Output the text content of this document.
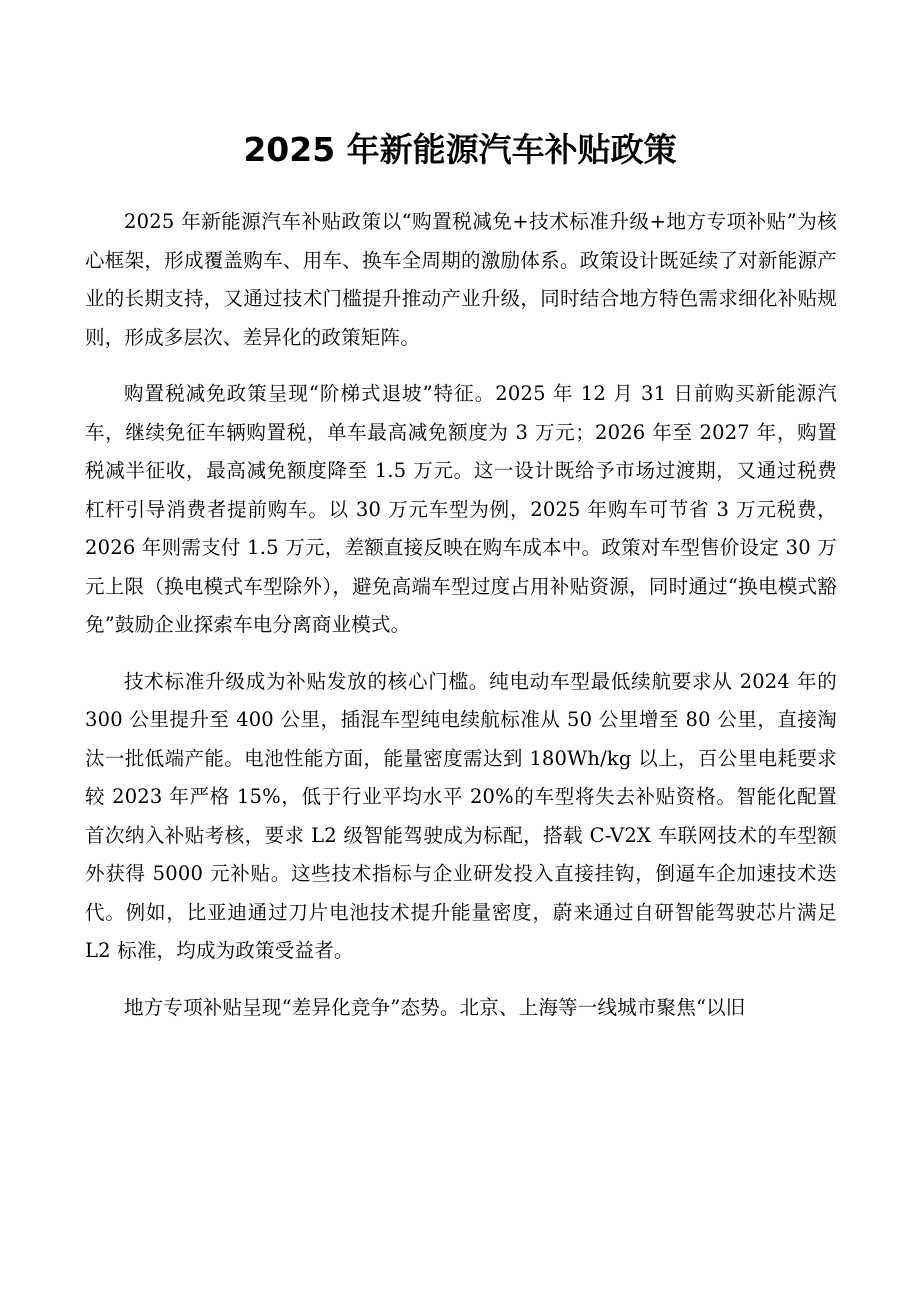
2025 年新能源汽车补贴政策

2025 年新能源汽车补贴政策以“购置税减免+技术标准升级+地方专项补贴”为核心框架，形成覆盖购车、用车、换车全周期的激励体系。政策设计既延续了对新能源产业的长期支持，又通过技术门槛提升推动产业升级，同时结合地方特色需求细化补贴规则，形成多层次、差异化的政策矩阵。

购置税减免政策呈现“阶梯式退坡”特征。2025 年 12 月 31 日前购买新能源汽车，继续免征车辆购置税，单车最高减免额度为 3 万元；2026 年至 2027 年，购置税减半征收，最高减免额度降至 1.5 万元。这一设计既给予市场过渡期，又通过税费杠杆引导消费者提前购车。以 30 万元车型为例，2025 年购车可节省 3 万元税费，2026 年则需支付 1.5 万元，差额直接反映在购车成本中。政策对车型售价设定 30 万元上限（换电模式车型除外），避免高端车型过度占用补贴资源，同时通过“换电模式豁免”鼓励企业探索车电分离商业模式。

技术标准升级成为补贴发放的核心门槛。纯电动车型最低续航要求从 2024 年的 300 公里提升至 400 公里，插混车型纯电续航标准从 50 公里增至 80 公里，直接淘汰一批低端产能。电池性能方面，能量密度需达到 180Wh/kg 以上，百公里电耗要求较 2023 年严格 15%，低于行业平均水平 20%的车型将失去补贴资格。智能化配置首次纳入补贴考核，要求 L2 级智能驾驶成为标配，搭载 C-V2X 车联网技术的车型额外获得 5000 元补贴。这些技术指标与企业研发投入直接挂钩，倒逼车企加速技术迭代。例如，比亚迪通过刀片电池技术提升能量密度，蔚来通过自研智能驾驶芯片满足 L2 标准，均成为政策受益者。

地方专项补贴呈现“差异化竞争”态势。北京、上海等一线城市聚焦“以旧
